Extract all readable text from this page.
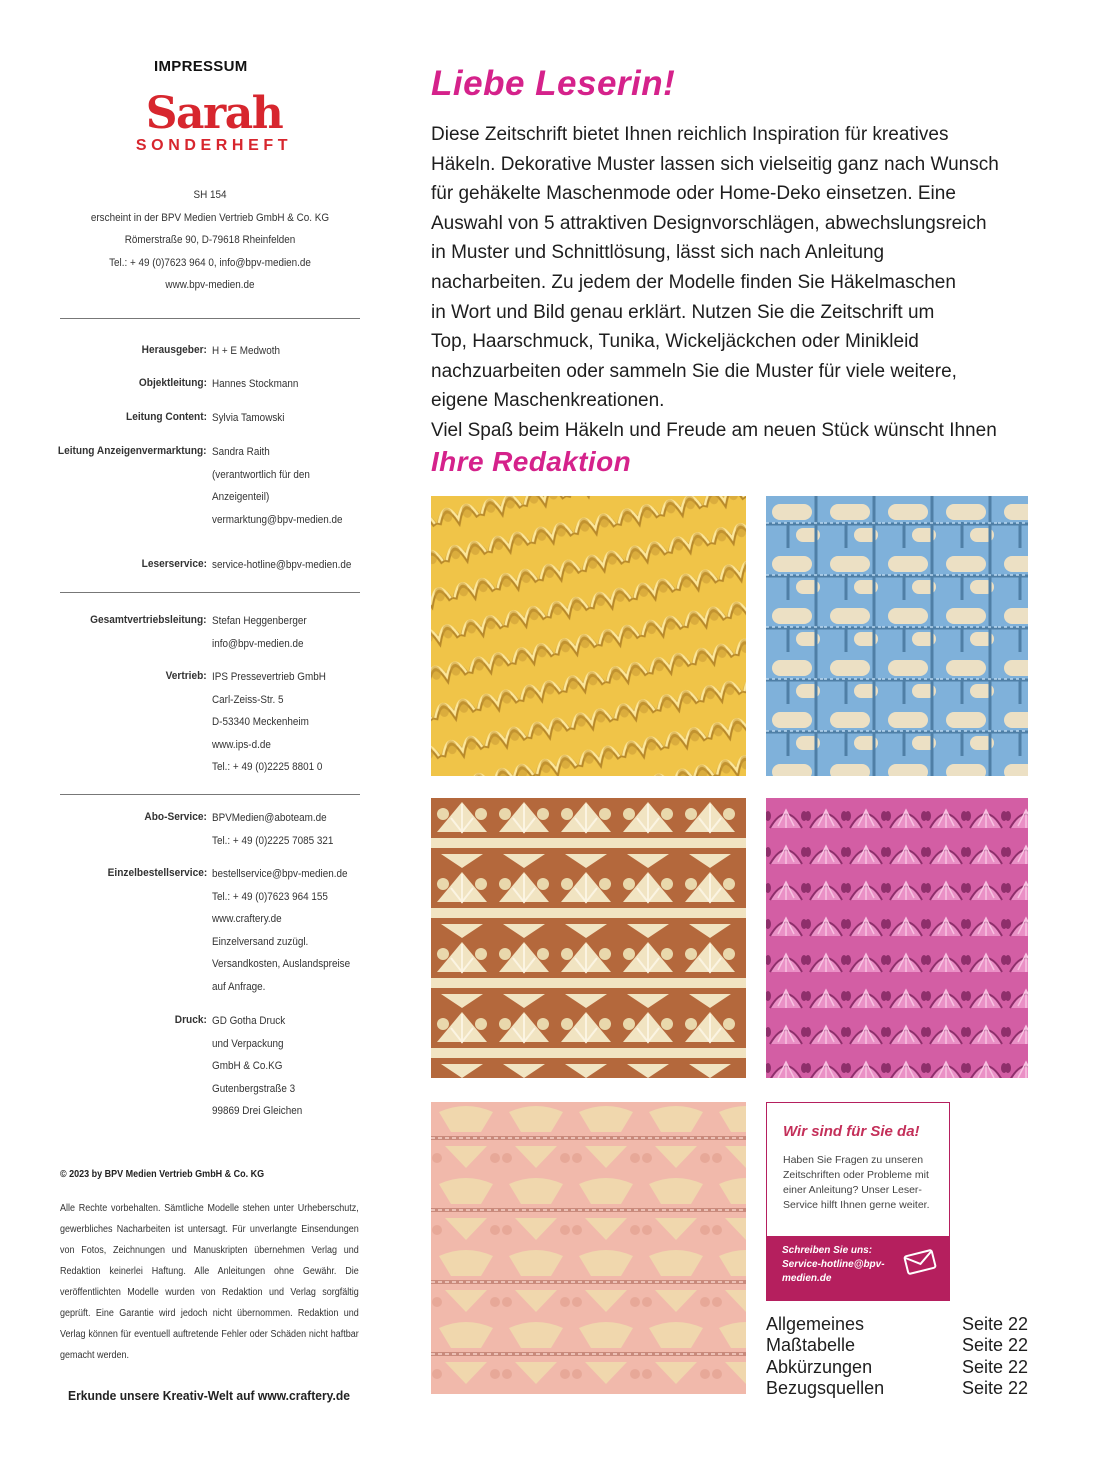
IMPRESSUM
Sarah
SONDERHEFT
SH 154
erscheint in der BPV Medien Vertrieb GmbH & Co. KG
Römerstraße 90, D-79618 Rheinfelden
Tel.: + 49 (0)7623 964 0, info@bpv-medien.de
www.bpv-medien.de
Herausgeber: H + E Medwoth
Objektleitung: Hannes Stockmann
Leitung Content: Sylvia Tamowski
Leitung Anzeigenvermarktung: Sandra Raith
(verantwortlich für den
Anzeigenteil)
vermarktung@bpv-medien.de
Leserservice: service-hotline@bpv-medien.de
Gesamtvertriebsleitung: Stefan Heggenberger
info@bpv-medien.de
Vertrieb: IPS Pressevertrieb GmbH
Carl-Zeiss-Str. 5
D-53340 Meckenheim
www.ips-d.de
Tel.: + 49 (0)2225 8801 0
Abo-Service: BPVMedien@aboteam.de
Tel.: + 49 (0)2225 7085 321
Einzelbestellservice: bestellservice@bpv-medien.de
Tel.: + 49 (0)7623 964 155
www.craftery.de
Einzelversand zuzügl.
Versandkosten, Auslandspreise
auf Anfrage.
Druck: GD Gotha Druck
und Verpackung
GmbH & Co.KG
Gutenbergstraße 3
99869 Drei Gleichen
© 2023 by BPV Medien Vertrieb GmbH & Co. KG
Alle Rechte vorbehalten. Sämtliche Modelle stehen unter Urheberschutz, gewerbliches Nacharbeiten ist untersagt. Für unverlangte Einsendungen von Fotos, Zeichnungen und Manuskripten übernehmen Verlag und Redaktion keinerlei Haftung. Alle Anleitungen ohne Gewähr. Die veröffentlichten Modelle wurden von Redaktion und Verlag sorgfältig geprüft. Eine Garantie wird jedoch nicht übernommen. Redaktion und Verlag können für eventuell auftretende Fehler oder Schäden nicht haftbar gemacht werden.
Erkunde unsere Kreativ-Welt auf www.craftery.de
Liebe Leserin!

Diese Zeitschrift bietet Ihnen reichlich Inspiration für kreatives

Häkeln. Dekorative Muster lassen sich vielseitig ganz nach Wunsch

für gehäkelte Maschenmode oder Home-Deko einsetzen. Eine

Auswahl von 5 attraktiven Designvorschlägen, abwechslungsreich

in Muster und Schnittlösung, lässt sich nach Anleitung

nacharbeiten. Zu jedem der Modelle finden Sie Häkelmaschen

in Wort und Bild genau erklärt. Nutzen Sie die Zeitschrift um

Top, Haarschmuck, Tunika, Wickeljäckchen oder Minikleid

nachzuarbeiten oder sammeln Sie die Muster für viele weitere,

eigene Maschenkreationen.

Viel Spaß beim Häkeln und Freude am neuen Stück wünscht Ihnen

Ihre Redaktion
Wir sind für Sie da!
Haben Sie Fragen zu unseren Zeitschriften oder Probleme mit einer Anleitung? Unser Leser-Service hilft Ihnen gerne weiter.
Schreiben Sie uns: Service-hotline@bpv-medien.de
Allgemeines	Seite 22
Maßtabelle	Seite 22
Abkürzungen	Seite 22
Bezugsquellen	Seite 22
